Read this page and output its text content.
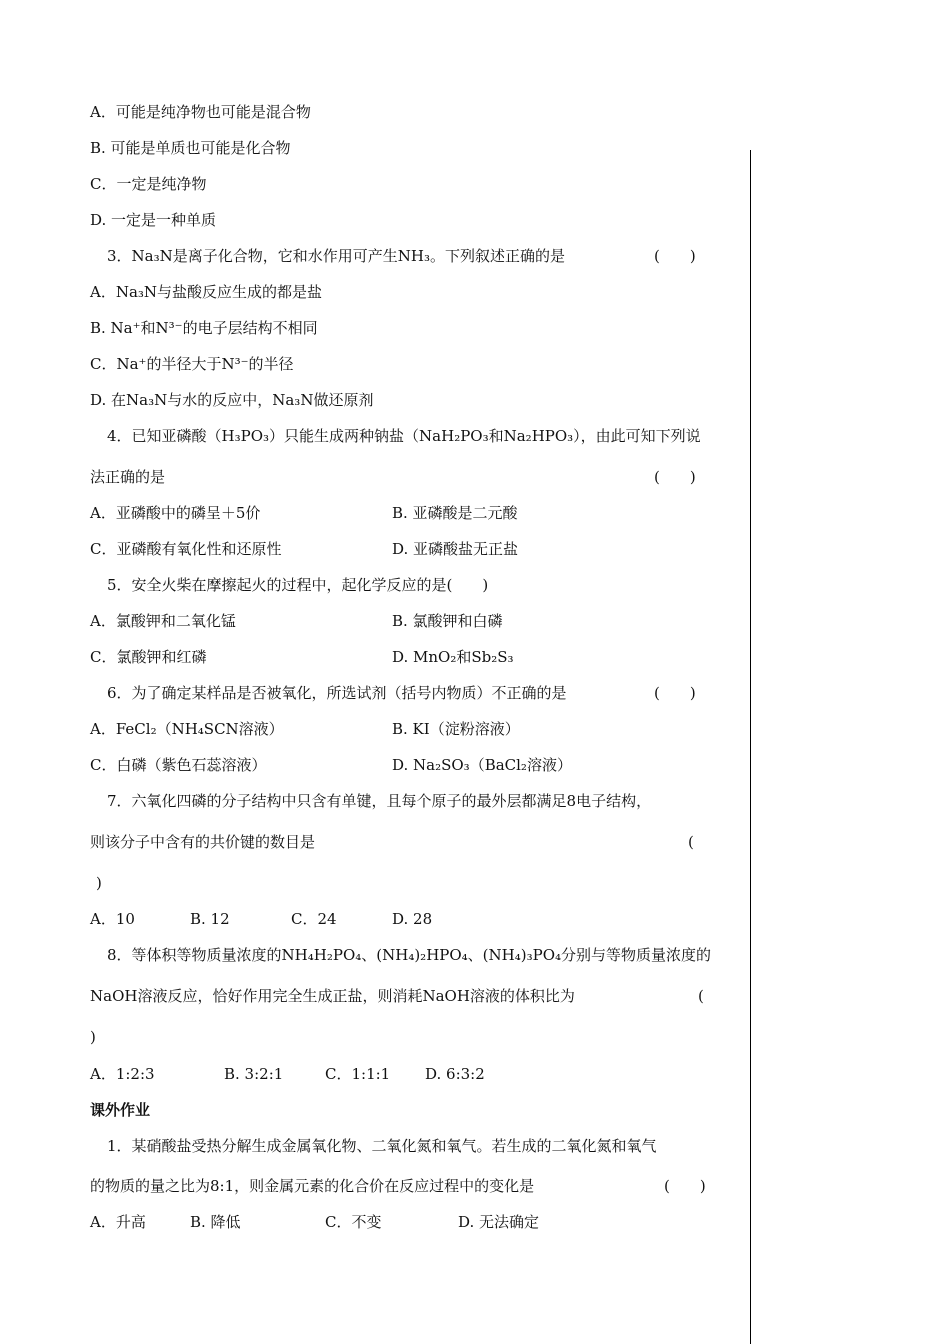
A．可能是纯净物也可能是混合物
B. 可能是单质也可能是化合物
C．一定是纯净物
D. 一定是一种单质
3．Na₃N是离子化合物，它和水作用可产生NH₃。下列叙述正确的是	(　　)
A．Na₃N与盐酸反应生成的都是盐
B. Na⁺和N³⁻的电子层结构不相同
C．Na⁺的半径大于N³⁻的半径
D. 在Na₃N与水的反应中，Na₃N做还原剂
4．已知亚磷酸（H₃PO₃）只能生成两种钠盐（NaH₂PO₃和Na₂HPO₃），由此可知下列说
法正确的是	(　　)
A．亚磷酸中的磷呈＋5价	B. 亚磷酸是二元酸
C．亚磷酸有氧化性和还原性	D. 亚磷酸盐无正盐
5．安全火柴在摩擦起火的过程中，起化学反应的是(　　)
A．氯酸钾和二氧化锰	B. 氯酸钾和白磷
C．氯酸钾和红磷	D. MnO₂和Sb₂S₃
6．为了确定某样品是否被氧化，所选试剂（括号内物质）不正确的是	(　　)
A．FeCl₂（NH₄SCN溶液）	B. KI（淀粉溶液）
C．白磷（紫色石蕊溶液）	D. Na₂SO₃（BaCl₂溶液）
7．六氧化四磷的分子结构中只含有单键，且每个原子的最外层都满足8电子结构，
则该分子中含有的共价键的数目是	(
)
A．10	B. 12	C．24	D. 28
8．等体积等物质量浓度的NH₄H₂PO₄、(NH₄)₂HPO₄、(NH₄)₃PO₄分别与等物质量浓度的
NaOH溶液反应，恰好作用完全生成正盐，则消耗NaOH溶液的体积比为	(
)
A．1:2:3	B. 3:2:1	C．1:1:1 D. 6:3:2
课外作业
1．某硝酸盐受热分解生成金属氧化物、二氧化氮和氧气。若生成的二氧化氮和氧气
的物质的量之比为8:1，则金属元素的化合价在反应过程中的变化是	(　　)
A．升高	B. 降低	C．不变	D. 无法确定
